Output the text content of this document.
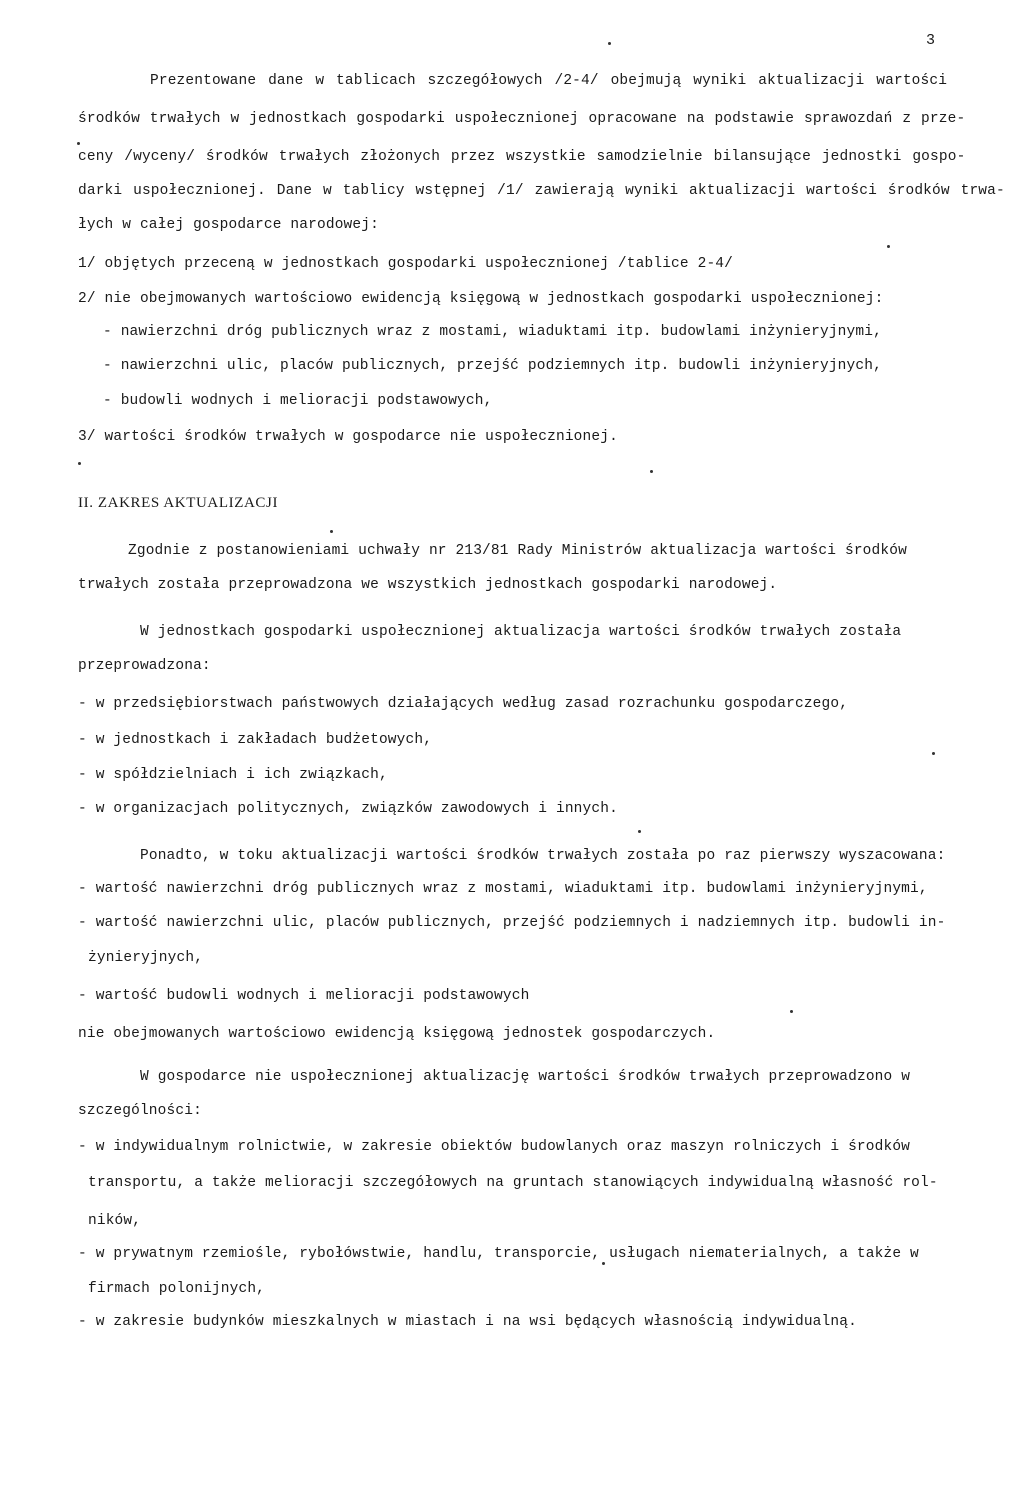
3
Prezentowane dane w tablicach szczegółowych /2-4/ obejmują wyniki aktualizacji wartości
środków trwałych w jednostkach gospodarki uspołecznionej opracowane na podstawie sprawozdań z prze-
ceny /wyceny/ środków trwałych złożonych przez wszystkie samodzielnie bilansujące jednostki gospo-
darki uspołecznionej. Dane w tablicy wstępnej /1/ zawierają wyniki aktualizacji wartości środków trwa-
łych w całej gospodarce narodowej:
1/ objętych przeceną w jednostkach gospodarki uspołecznionej /tablice 2-4/
2/ nie obejmowanych wartościowo ewidencją księgową w jednostkach gospodarki uspołecznionej:
- nawierzchni dróg publicznych wraz z mostami, wiaduktami itp. budowlami inżynieryjnymi,
- nawierzchni ulic, placów publicznych, przejść podziemnych itp. budowli inżynieryjnych,
- budowli wodnych i melioracji podstawowych,
3/ wartości środków trwałych w gospodarce nie uspołecznionej.
II. ZAKRES AKTUALIZACJI
Zgodnie z postanowieniami uchwały nr 213/81 Rady Ministrów aktualizacja wartości środków
trwałych została przeprowadzona we wszystkich jednostkach gospodarki narodowej.
W jednostkach gospodarki uspołecznionej aktualizacja wartości środków trwałych została
przeprowadzona:
- w przedsiębiorstwach państwowych działających według zasad rozrachunku gospodarczego,
- w jednostkach i zakładach budżetowych,
- w spółdzielniach i ich związkach,
- w organizacjach politycznych, związków zawodowych i innych.
Ponadto, w toku aktualizacji wartości środków trwałych została po raz pierwszy wyszacowana:
- wartość nawierzchni dróg publicznych wraz z mostami, wiaduktami itp. budowlami inżynieryjnymi,
- wartość nawierzchni ulic, placów publicznych, przejść podziemnych i nadziemnych itp. budowli in-
żynieryjnych,
- wartość budowli wodnych i melioracji podstawowych
nie obejmowanych wartościowo ewidencją księgową jednostek gospodarczych.
W gospodarce nie uspołecznionej aktualizację wartości środków trwałych przeprowadzono w
szczególności:
- w indywidualnym rolnictwie, w zakresie obiektów budowlanych oraz maszyn rolniczych i środków
transportu, a także melioracji szczegółowych na gruntach stanowiących indywidualną własność rol-
ników,
- w prywatnym rzemiośle, rybołówstwie, handlu, transporcie, usługach niematerialnych, a także w
firmach polonijnych,
- w zakresie budynków mieszkalnych w miastach i na wsi będących własnością indywidualną.
